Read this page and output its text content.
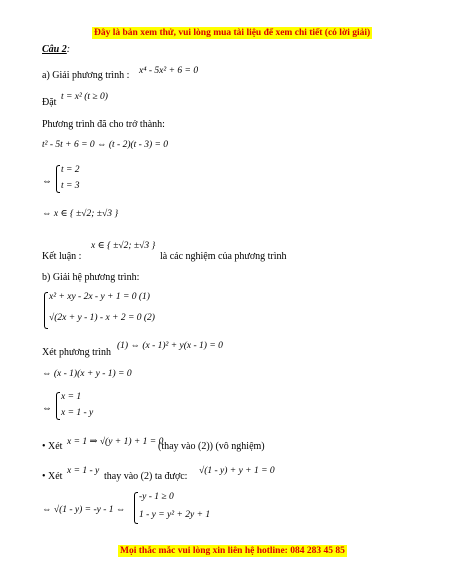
Đây là bản xem thử, vui lòng mua tài liệu để xem chi tiết (có lời giải)
Câu 2:
a) Giải phương trình : x⁴ - 5x² + 6 = 0
Đặt t = x² (t ≥ 0)
Phương trình đã cho trở thành:
t² - 5t + 6 = 0 ⇔ (t - 2)(t - 3) = 0
⇔
t = 2
t = 3
⇔ x ∈ { ±√2; ±√3 }
Kết luận :
x ∈ { ±√2; ±√3 }
là các nghiệm của phương trình
b) Giải hệ phương trình:
x² + xy - 2x - y + 1 = 0 (1)
√(2x + y - 1) - x + 2 = 0 (2)
Xét phương trình
(1) ⇔ (x - 1)² + y(x - 1) = 0
⇔ (x - 1)(x + y - 1) = 0
⇔
x = 1
x = 1 - y
• Xét x = 1 ⇒ √(y + 1) + 1 = 0
(thay vào (2)) (vô nghiệm)
• Xét x = 1 - y thay vào (2) ta được: √(1 - y) + y + 1 = 0
⇔ √(1 - y) = -y - 1 ⇔
-y - 1 ≥ 0
1 - y = y² + 2y + 1
Mọi thắc mắc vui lòng xin liên hệ hotline: 084 283 45 85
